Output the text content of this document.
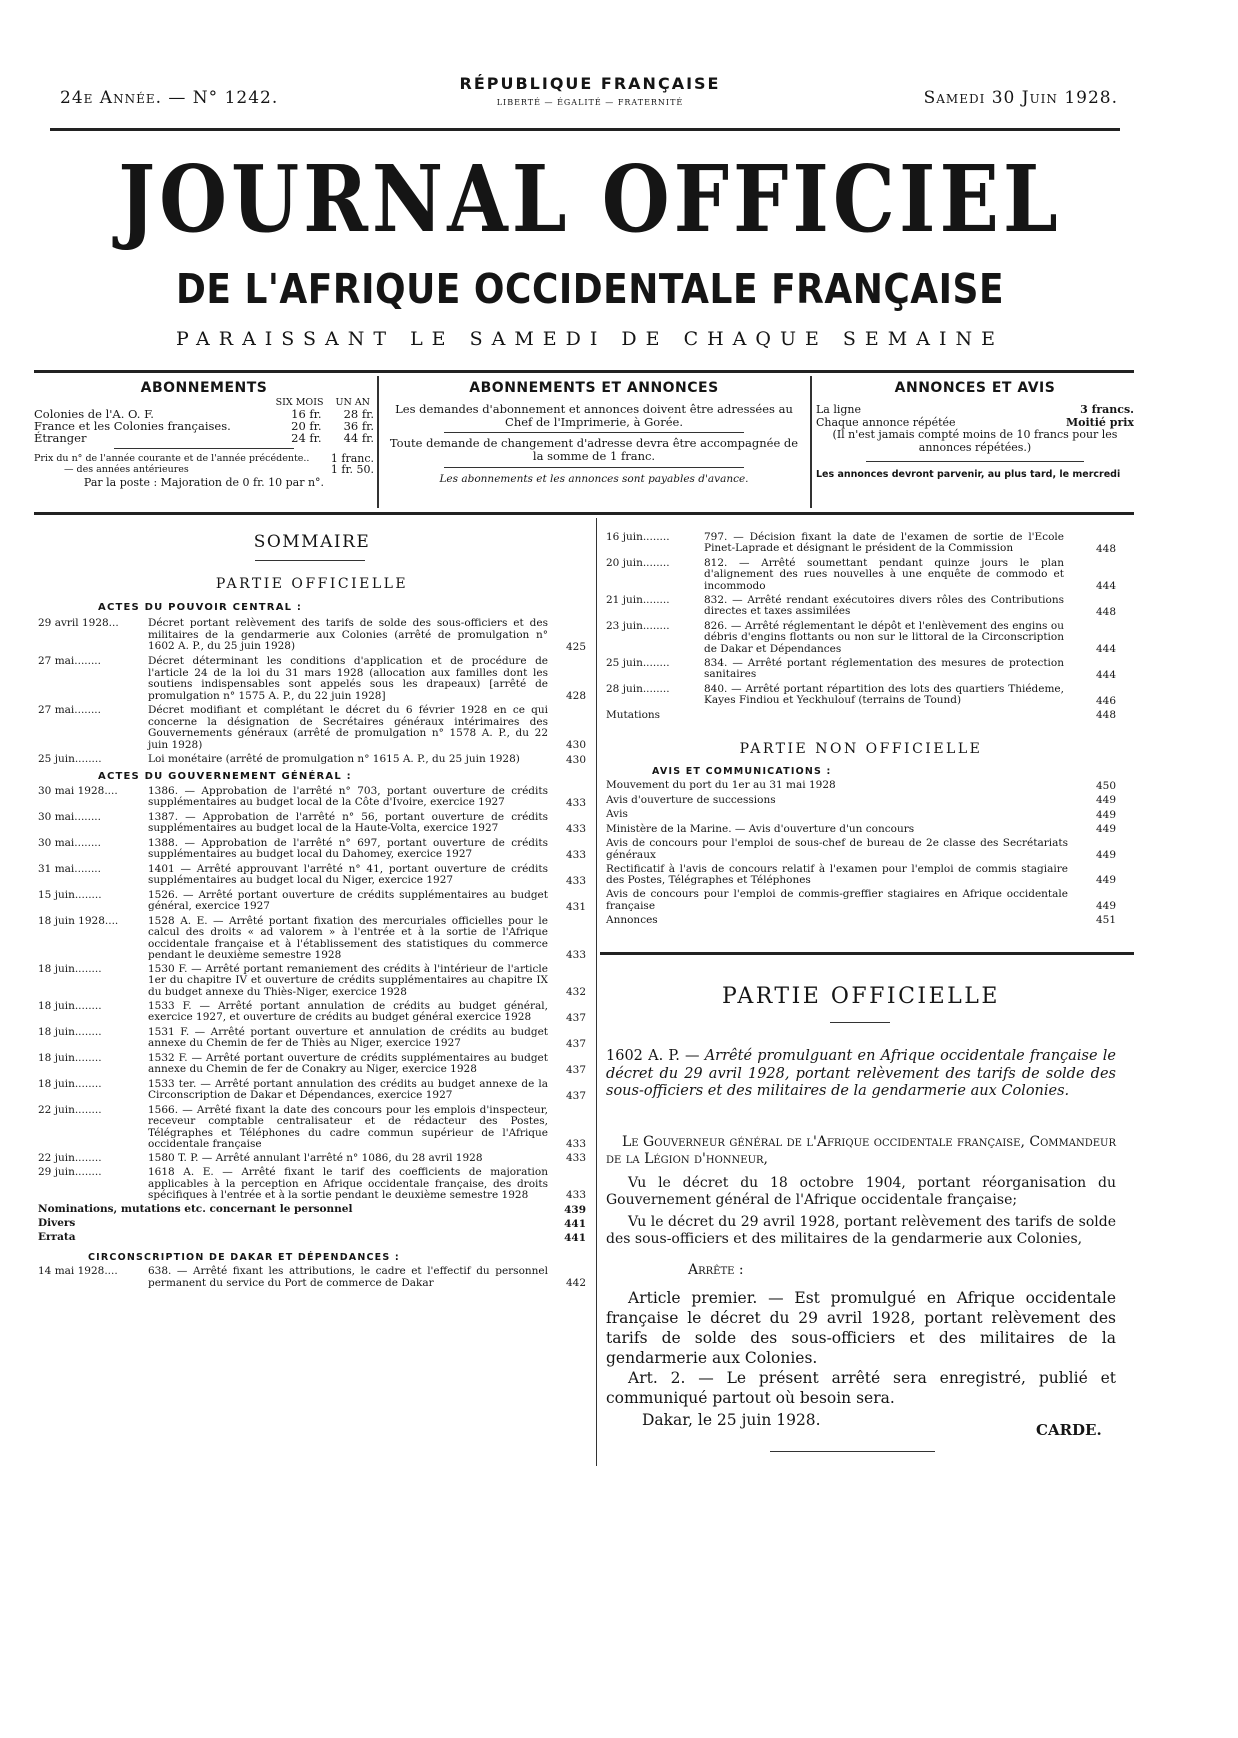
24e Année. — N° 1242.
RÉPUBLIQUE FRANÇAISE
LIBERTÉ — ÉGALITÉ — FRATERNITÉ	Samedi 30 Juin 1928.
JOURNAL OFFICIEL
DE L'AFRIQUE OCCIDENTALE FRANÇAISE
PARAISSANT LE SAMEDI DE CHAQUE SEMAINE
ABONNEMENTS
SIX MOIS UN AN
Colonies de l'A. O. F.	16 fr. 28 fr.
France et les Colonies françaises.	20 fr. 36 fr.
Étranger	24 fr. 44 fr.
Prix du n° de l'année courante et de l'année précédente.. 1 franc.
— des années antérieures	1 fr. 50.
Par la poste : Majoration de 0 fr. 10 par n°.
ABONNEMENTS ET ANNONCES
Les demandes d'abonnement et annonces doivent être adressées au Chef de l'Imprimerie, à Gorée.
Toute demande de changement d'adresse devra être accompagnée de la somme de 1 franc.
Les abonnements et les annonces sont payables d'avance.
ANNONCES ET AVIS
La ligne	3 francs.
Chaque annonce répétée	Moitié prix
(Il n'est jamais compté moins de 10 francs pour les annonces répétées.)
Les annonces devront parvenir, au plus tard, le mercredi
SOMMAIRE
PARTIE OFFICIELLE
ACTES DU POUVOIR CENTRAL :
29 avril 1928...	Décret portant relèvement des tarifs de solde des sous-officiers et des militaires de la gendarmerie aux Colonies (arrêté de promulgation n° 1602 A. P., du 25 juin 1928)	425
27 mai........	Décret déterminant les conditions d'application et de procédure de l'article 24 de la loi du 31 mars 1928 (allocation aux familles dont les soutiens indispensables sont appelés sous les drapeaux) [arrêté de promulgation n° 1575 A. P., du 22 juin 1928]	428
27 mai........	Décret modifiant et complétant le décret du 6 février 1928 en ce qui concerne la désignation de Secrétaires généraux intérimaires des Gouvernements généraux (arrêté de promulgation n° 1578 A. P., du 22 juin 1928)	430
25 juin........	Loi monétaire (arrêté de promulgation n° 1615 A. P., du 25 juin 1928)	430
ACTES DU GOUVERNEMENT GÉNÉRAL :
30 mai 1928....	1386. — Approbation de l'arrêté n° 703, portant ouverture de crédits supplémentaires au budget local de la Côte d'Ivoire, exercice 1927	433
30 mai........	1387. — Approbation de l'arrêté n° 56, portant ouverture de crédits supplémentaires au budget local de la Haute-Volta, exercice 1927	433
30 mai........	1388. — Approbation de l'arrêté n° 697, portant ouverture de crédits supplémentaires au budget local du Dahomey, exercice 1927	433
31 mai........	1401 — Arrêté approuvant l'arrêté n° 41, portant ouverture de crédits supplémentaires au budget local du Niger, exercice 1927	433
15 juin........	1526. — Arrêté portant ouverture de crédits supplémentaires au budget général, exercice 1927	431
18 juin 1928....	1528 A. E. — Arrêté portant fixation des mercuriales officielles pour le calcul des droits « ad valorem » à l'entrée et à la sortie de l'Afrique occidentale française et à l'établissement des statistiques du commerce pendant le deuxième semestre 1928	433
18 juin........	1530 F. — Arrêté portant remaniement des crédits à l'intérieur de l'article 1er du chapitre IV et ouverture de crédits supplémentaires au chapitre IX du budget annexe du Thiès-Niger, exercice 1928	432
18 juin........	1533 F. — Arrêté portant annulation de crédits au budget général, exercice 1927, et ouverture de crédits au budget général exercice 1928	437
18 juin........	1531 F. — Arrêté portant ouverture et annulation de crédits au budget annexe du Chemin de fer de Thiès au Niger, exercice 1927	437
18 juin........	1532 F. — Arrêté portant ouverture de crédits supplémentaires au budget annexe du Chemin de fer de Conakry au Niger, exercice 1928	437
18 juin........	1533 ter. — Arrêté portant annulation des crédits au budget annexe de la Circonscription de Dakar et Dépendances, exercice 1927	437
22 juin........	1566. — Arrêté fixant la date des concours pour les emplois d'inspecteur, receveur comptable centralisateur et de rédacteur des Postes, Télégraphes et Téléphones du cadre commun supérieur de l'Afrique occidentale française	433
22 juin........	1580 T. P. — Arrêté annulant l'arrêté n° 1086, du 28 avril 1928	433
29 juin........	1618 A. E. — Arrêté fixant le tarif des coefficients de majoration applicables à la perception en Afrique occidentale française, des droits spécifiques à l'entrée et à la sortie pendant le deuxième semestre 1928	433
Nominations, mutations etc. concernant le personnel	439
Divers	441
Errata	441
CIRCONSCRIPTION DE DAKAR ET DÉPENDANCES :
14 mai 1928....	638. — Arrêté fixant les attributions, le cadre et l'effectif du personnel permanent du service du Port de commerce de Dakar	442
16 juin........	797. — Décision fixant la date de l'examen de sortie de l'Ecole Pinet-Laprade et désignant le président de la Commission	448
20 juin........	812. — Arrêté soumettant pendant quinze jours le plan d'alignement des rues nouvelles à une enquête de commodo et incommodo	444
21 juin........	832. — Arrêté rendant exécutoires divers rôles des Contributions directes et taxes assimilées	448
23 juin........	826. — Arrêté réglementant le dépôt et l'enlèvement des engins ou débris d'engins flottants ou non sur le littoral de la Circonscription de Dakar et Dépendances	444
25 juin........	834. — Arrêté portant réglementation des mesures de protection sanitaires	444
28 juin........	840. — Arrêté portant répartition des lots des quartiers Thiédeme, Kayes Findiou et Yeckhulouf (terrains de Tound)	446
Mutations	448
PARTIE NON OFFICIELLE
AVIS ET COMMUNICATIONS :
Mouvement du port du 1er au 31 mai 1928	450
Avis d'ouverture de successions	449
Avis	449
Ministère de la Marine. — Avis d'ouverture d'un concours	449
Avis de concours pour l'emploi de sous-chef de bureau de 2e classe des Secrétariats généraux	449
Rectificatif à l'avis de concours relatif à l'examen pour l'emploi de commis stagiaire des Postes, Télégraphes et Téléphones	449
Avis de concours pour l'emploi de commis-greffier stagiaires en Afrique occidentale française	449
Annonces	451
PARTIE OFFICIELLE
1602 A. P. — Arrêté promulguant en Afrique occidentale française le décret du 29 avril 1928, portant relèvement des tarifs de solde des sous-officiers et des militaires de la gendarmerie aux Colonies.
Le Gouverneur général de l'Afrique occidentale française, Commandeur de la Légion d'honneur,
Vu le décret du 18 octobre 1904, portant réorganisation du Gouvernement général de l'Afrique occidentale française;
Vu le décret du 29 avril 1928, portant relèvement des tarifs de solde des sous-officiers et des militaires de la gendarmerie aux Colonies,
Arrête :
Article premier. — Est promulgué en Afrique occidentale française le décret du 29 avril 1928, portant relèvement des tarifs de solde des sous-officiers et des militaires de la gendarmerie aux Colonies.
Art. 2. — Le présent arrêté sera enregistré, publié et communiqué partout où besoin sera.
Dakar, le 25 juin 1928.
CARDE.
